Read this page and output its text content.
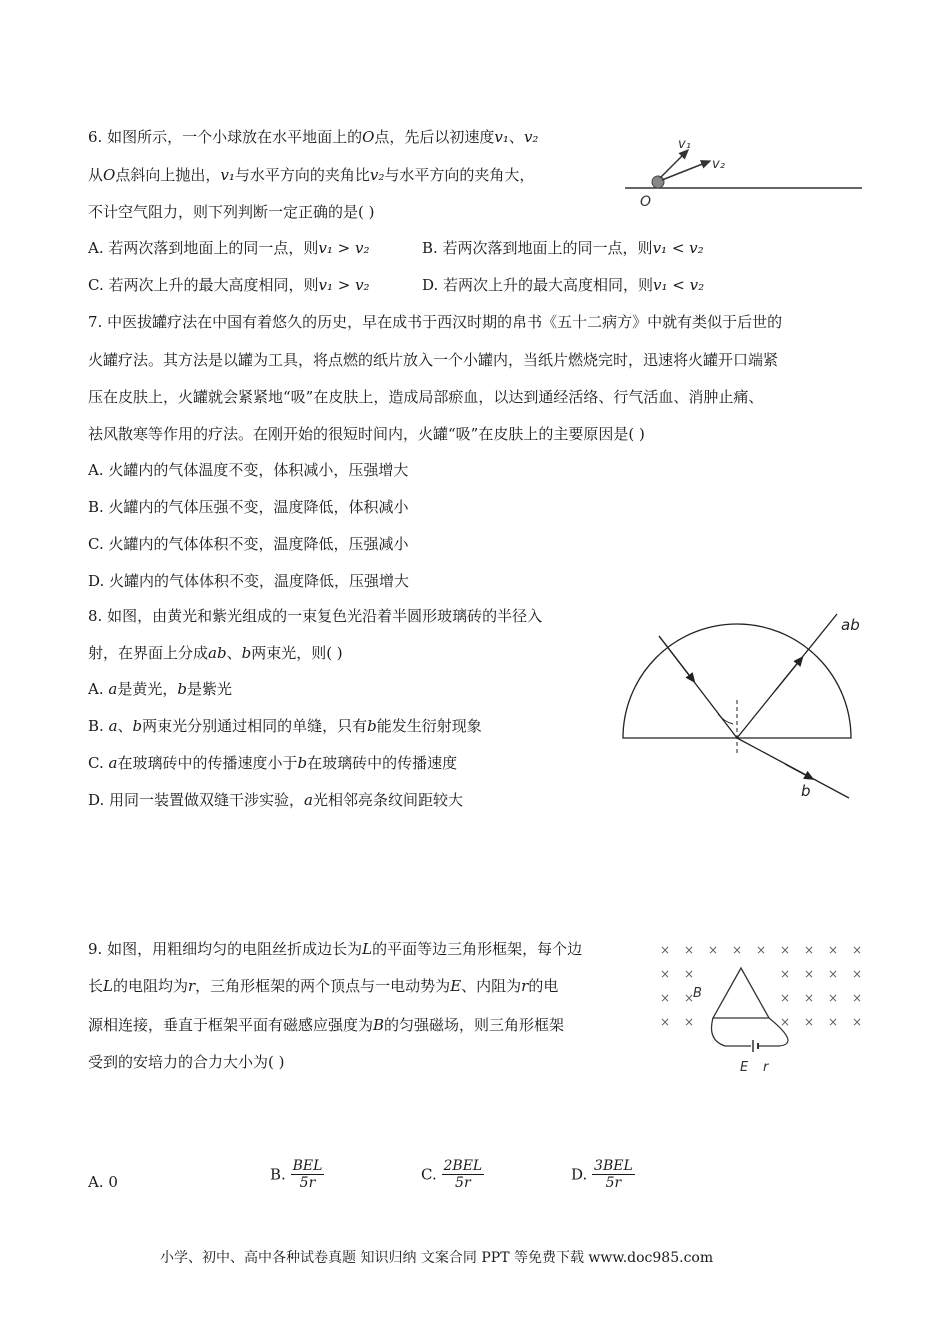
6. 如图所示，一个小球放在水平地面上的O点，先后以初速度v₁、v₂
从O点斜向上抛出，v₁与水平方向的夹角比v₂与水平方向的夹角大，
不计空气阻力，则下列判断一定正确的是( )
A. 若两次落到地面上的同一点，则v₁ > v₂	B. 若两次落到地面上的同一点，则v₁ < v₂
C. 若两次上升的最大高度相同，则v₁ > v₂	D. 若两次上升的最大高度相同，则v₁ < v₂
v₁
v₂
O
7. 中医拔罐疗法在中国有着悠久的历史，早在成书于西汉时期的帛书《五十二病方》中就有类似于后世的
火罐疗法。其方法是以罐为工具，将点燃的纸片放入一个小罐内，当纸片燃烧完时，迅速将火罐开口端紧
压在皮肤上，火罐就会紧紧地“吸”在皮肤上，造成局部瘀血，以达到通经活络、行气活血、消肿止痛、
祛风散寒等作用的疗法。在刚开始的很短时间内，火罐“吸”在皮肤上的主要原因是( )
A. 火罐内的气体温度不变，体积减小，压强增大
B. 火罐内的气体压强不变，温度降低，体积减小
C. 火罐内的气体体积不变，温度降低，压强减小
D. 火罐内的气体体积不变，温度降低，压强增大
8. 如图，由黄光和紫光组成的一束复色光沿着半圆形玻璃砖的半径入
射，在界面上分成ab、b两束光，则( )
A. a是黄光，b是紫光
B. a、b两束光分别通过相同的单缝，只有b能发生衍射现象
C. a在玻璃砖中的传播速度小于b在玻璃砖中的传播速度
D. 用同一装置做双缝干涉实验，a光相邻亮条纹间距较大
ab
b
9. 如图，用粗细均匀的电阻丝折成边长为L的平面等边三角形框架，每个边
长L的电阻均为r，三角形框架的两个顶点与一电动势为E、内阻为r的电
源相连接，垂直于框架平面有磁感应强度为B的匀强磁场，则三角形框架
受到的安培力的合力大小为( )
× × × × × × × × ×
× ×	× × × ×
× ×	× × × ×
× ×	× × × ×
B
E r
A. 0	B. $\frac{\text{BEL}}{5r}$	C. $\frac{\text{2BEL}}{5r}$	D. $\frac{\text{3BEL}}{5r}$
小学、初中、高中各种试卷真题 知识归纳 文案合同 PPT 等免费下载 www.doc985.com
